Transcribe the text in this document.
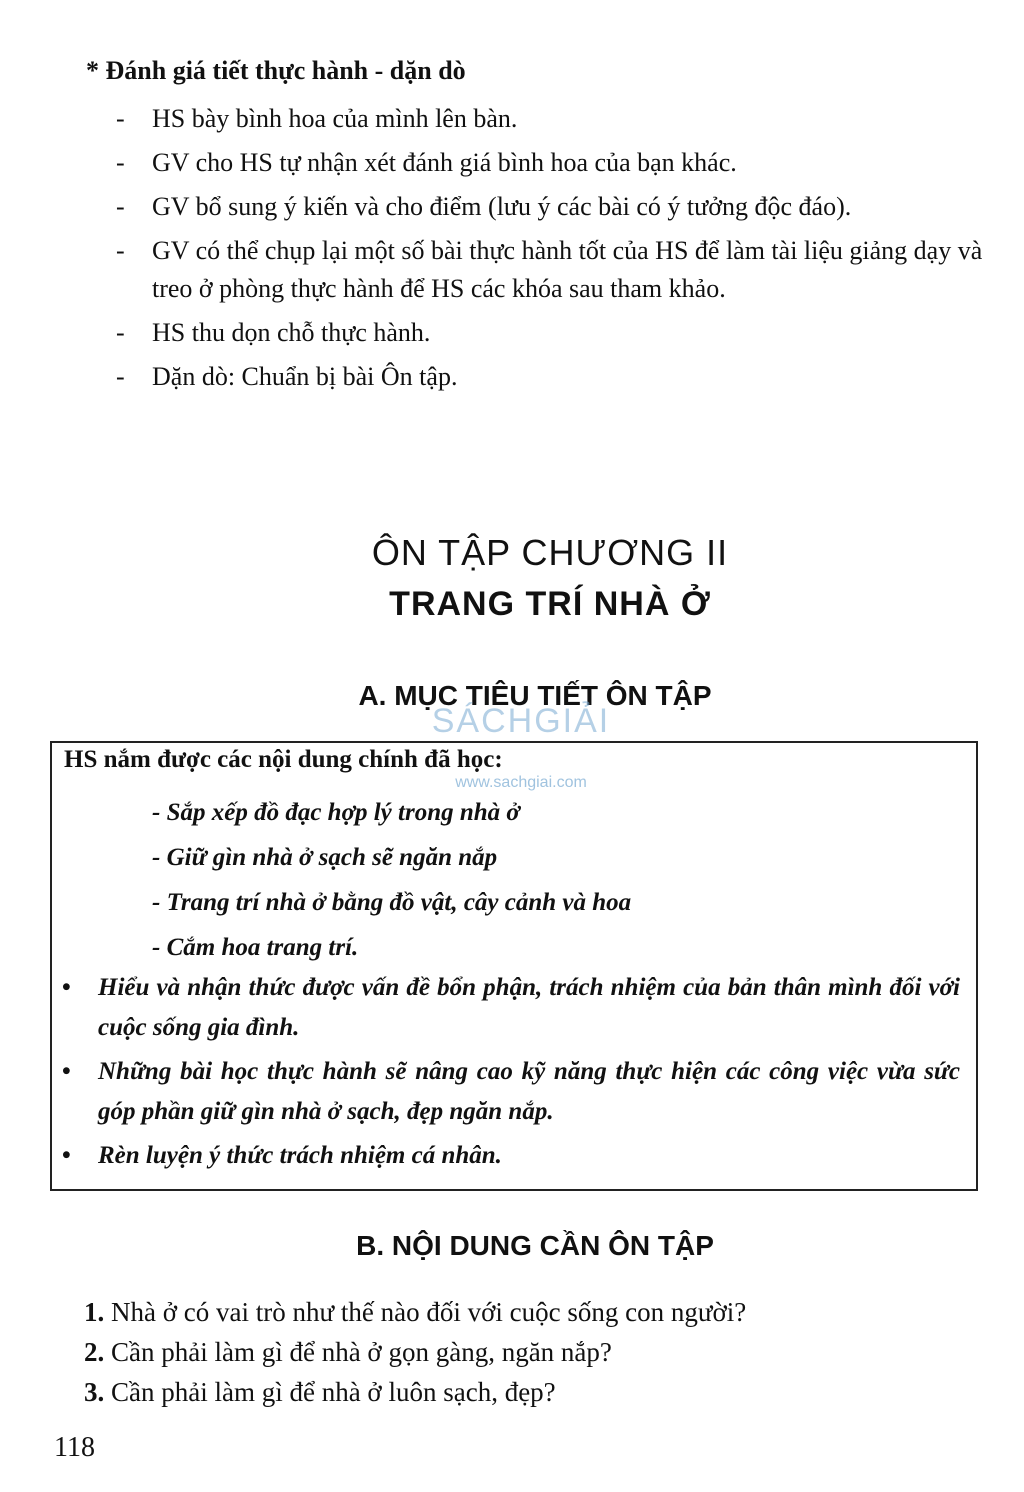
* Đánh giá tiết thực hành - dặn dò
- HS bày bình hoa của mình lên bàn.
- GV cho HS tự nhận xét đánh giá bình hoa của bạn khác.
- GV bổ sung ý kiến và cho điểm (lưu ý các bài có ý tưởng độc đáo).
- GV có thể chụp lại một số bài thực hành tốt của HS để làm tài liệu giảng dạy và treo ở phòng thực hành để HS các khóa sau tham khảo.
- HS thu dọn chỗ thực hành.
- Dặn dò: Chuẩn bị bài Ôn tập.
ÔN TẬP CHƯƠNG II
TRANG TRÍ NHÀ Ở
A. MỤC TIÊU TIẾT ÔN TẬP
SÁCHGIẢI
www.sachgiai.com
HS nắm được các nội dung chính đã học:
- Sắp xếp đồ đạc hợp lý trong nhà ở
- Giữ gìn nhà ở sạch sẽ ngăn nắp
- Trang trí nhà ở bằng đồ vật, cây cảnh và hoa
- Cắm hoa trang trí.
• Hiểu và nhận thức được vấn đề bổn phận, trách nhiệm của bản thân mình đối với cuộc sống gia đình.
• Những bài học thực hành sẽ nâng cao kỹ năng thực hiện các công việc vừa sức góp phần giữ gìn nhà ở sạch, đẹp ngăn nắp.
• Rèn luyện ý thức trách nhiệm cá nhân.
B. NỘI DUNG CẦN ÔN TẬP
1. Nhà ở có vai trò như thế nào đối với cuộc sống con người?
2. Cần phải làm gì để nhà ở gọn gàng, ngăn nắp?
3. Cần phải làm gì để nhà ở luôn sạch, đẹp?
118
